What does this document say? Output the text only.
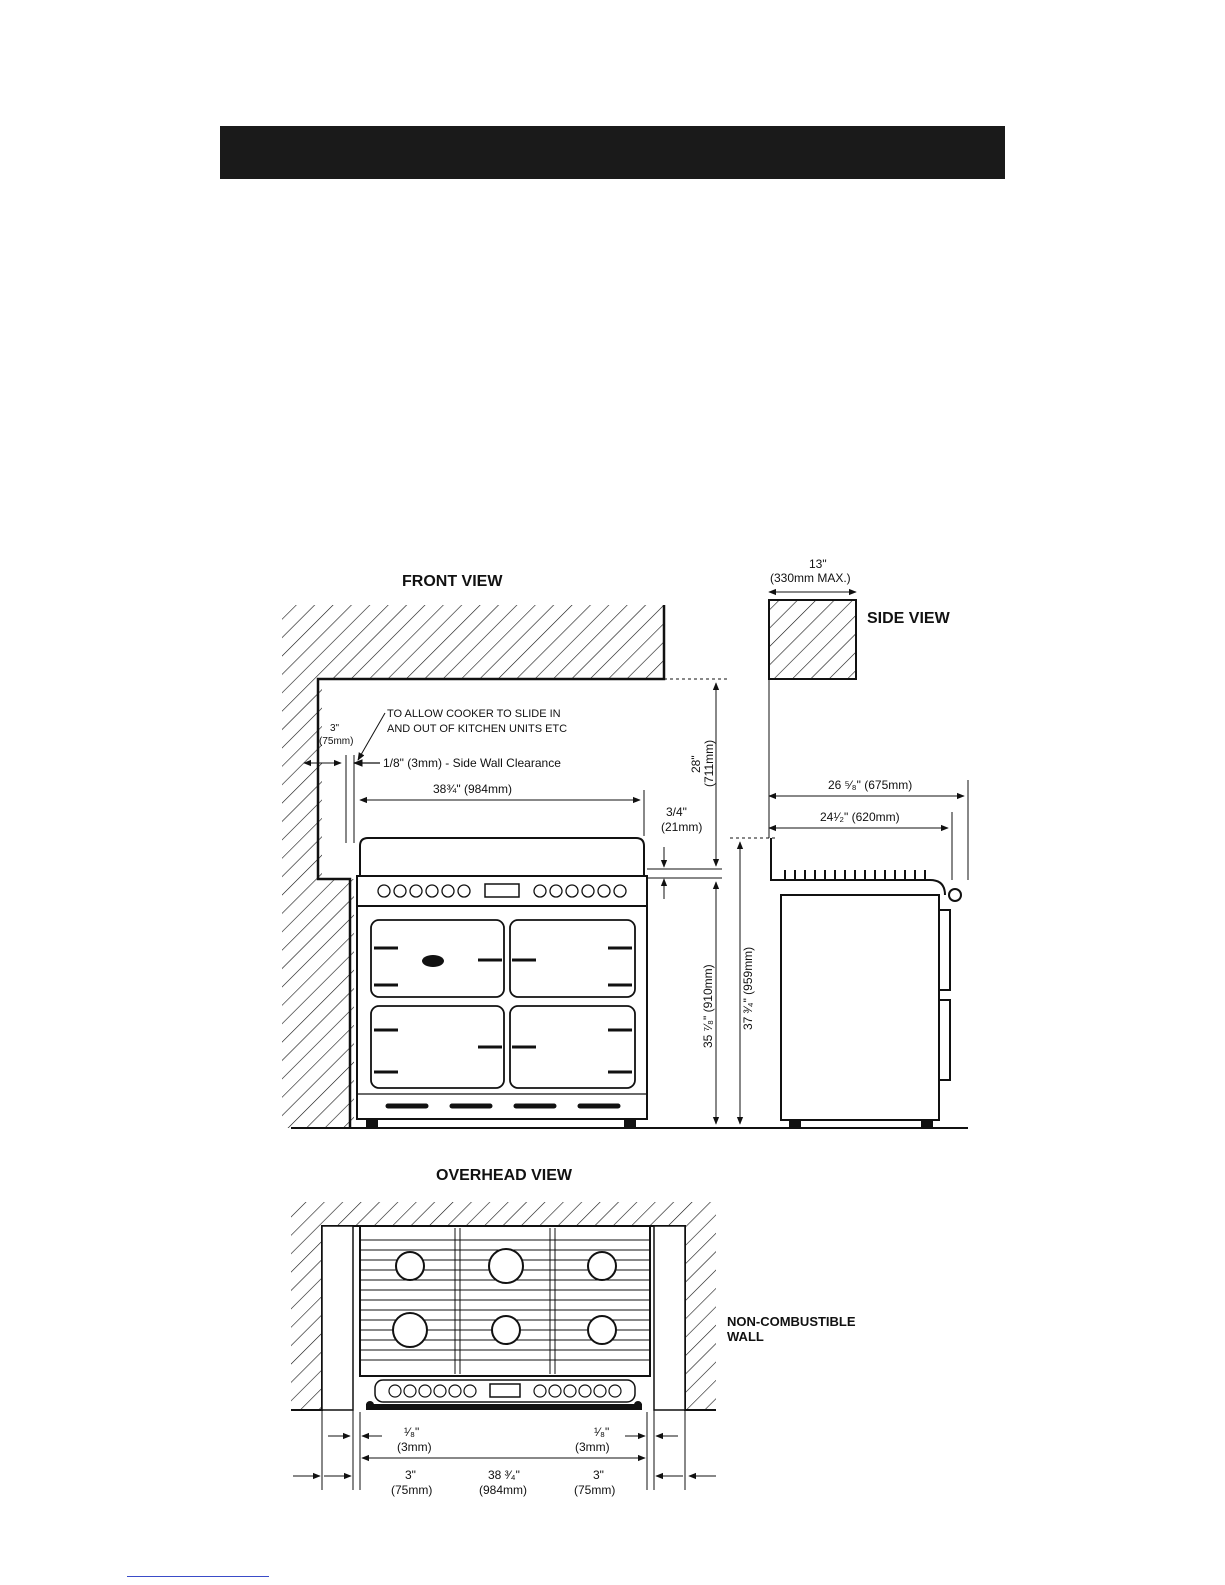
FRONT VIEW
TO ALLOW COOKER TO SLIDE IN
AND OUT OF KITCHEN UNITS ETC
3"
(75mm)
1/8" (3mm) - Side Wall Clearance
38¾" (984mm)
3/4"
(21mm)
28" (711mm)
35 ⁷⁄₈" (910mm) 37 ³⁄₄" (959mm)
13"
(330mm MAX.)
SIDE VIEW
26 ⁵⁄₈" (675mm)
24¹⁄₂" (620mm)
OVERHEAD VIEW
NON-COMBUSTIBLE
WALL
¹⁄₈"
(3mm)
¹⁄₈"
(3mm)
3"
(75mm)
38 ³⁄₄"
(984mm)
3"
(75mm)
